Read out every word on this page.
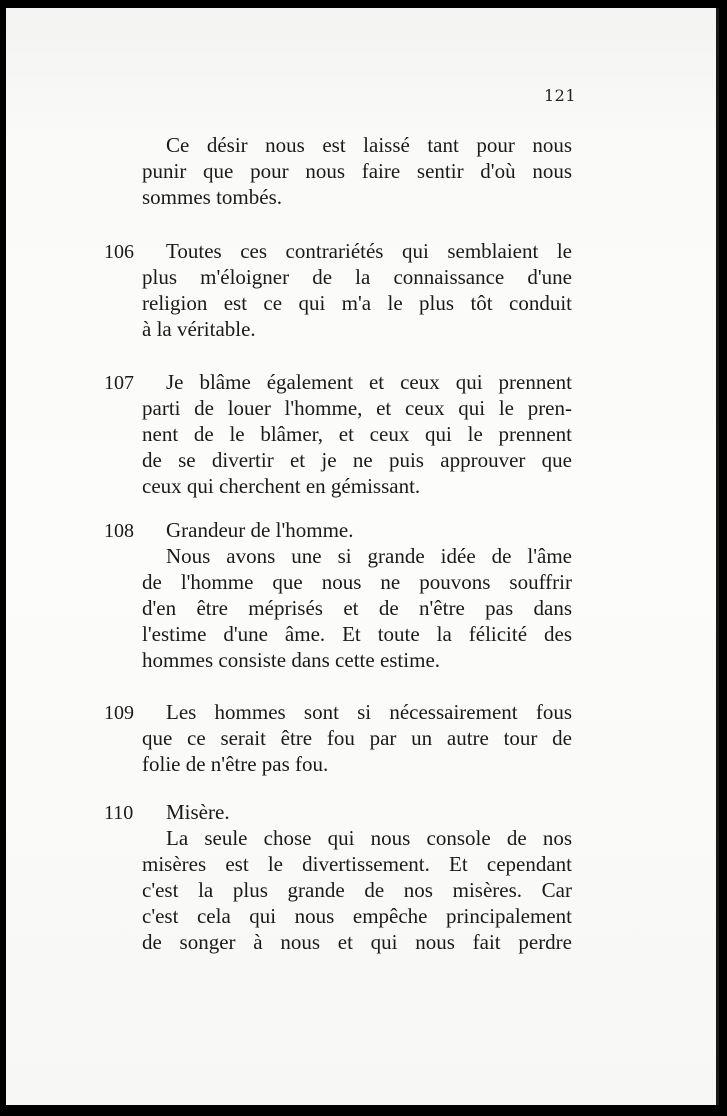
121
Ce désir nous est laissé tant pour nous
punir que pour nous faire sentir d'où nous
sommes tombés.
106	Toutes ces contrariétés qui semblaient le
plus m'éloigner de la connaissance d'une
religion est ce qui m'a le plus tôt conduit
à la véritable.
107	Je blâme également et ceux qui prennent
parti de louer l'homme, et ceux qui le pren-
nent de le blâmer, et ceux qui le prennent
de se divertir et je ne puis approuver que
ceux qui cherchent en gémissant.
108	Grandeur de l'homme.
Nous avons une si grande idée de l'âme
de l'homme que nous ne pouvons souffrir
d'en être méprisés et de n'être pas dans
l'estime d'une âme. Et toute la félicité des
hommes consiste dans cette estime.
109	Les hommes sont si nécessairement fous
que ce serait être fou par un autre tour de
folie de n'être pas fou.
110	Misère.
La seule chose qui nous console de nos
misères est le divertissement. Et cependant
c'est la plus grande de nos misères. Car
c'est cela qui nous empêche principalement
de songer à nous et qui nous fait perdre
